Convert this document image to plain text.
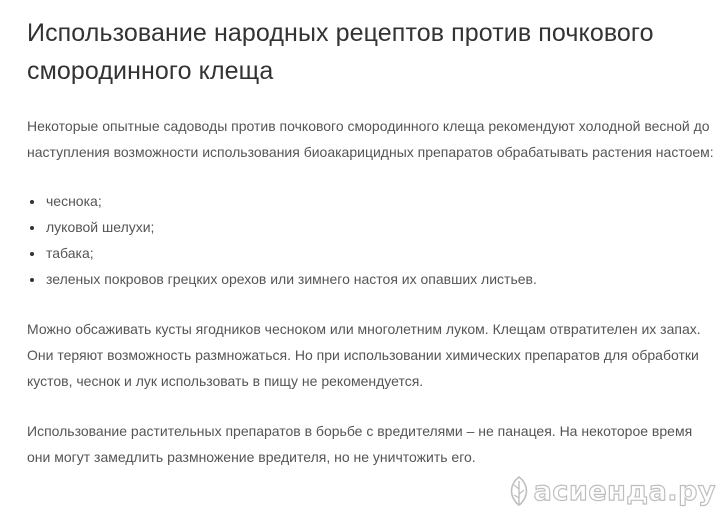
Использование народных рецептов против почкового смородинного клеща

Некоторые опытные садоводы против почкового смородинного клеща рекомендуют холодной весной до наступления возможности использования биоакарицидных препаратов обрабатывать растения настоем:

• чеснока;
• луковой шелухи;
• табака;
• зеленых покровов грецких орехов или зимнего настоя их опавших листьев.

Можно обсаживать кусты ягодников чесноком или многолетним луком. Клещам отвратителен их запах. Они теряют возможность размножаться. Но при использовании химических препаратов для обработки кустов, чеснок и лук использовать в пищу не рекомендуется.

Использование растительных препаратов в борьбе с вредителями – не панацея. На некоторое время они могут замедлить размножение вредителя, но не уничтожить его.

асиенда.ру
